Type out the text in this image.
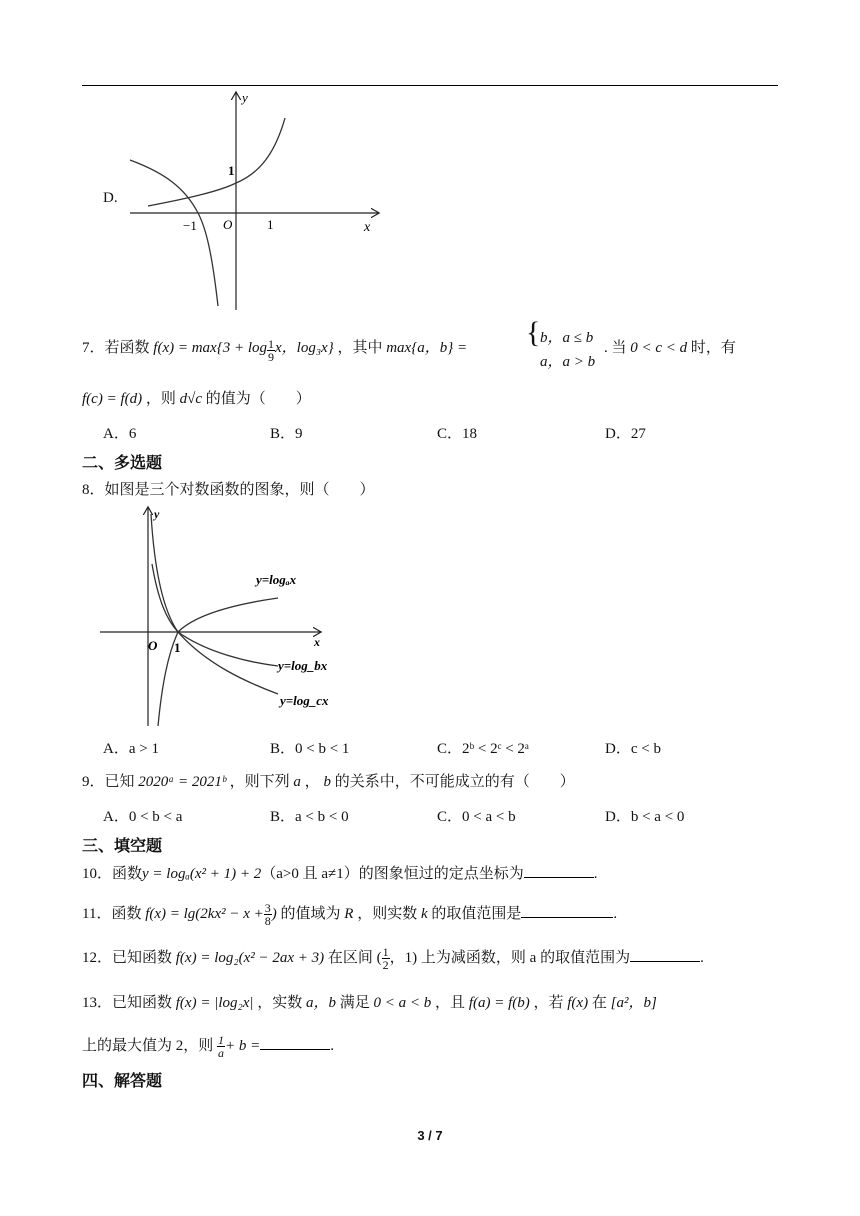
D.
y
x
1
−1 O	1
7．若函数 $f(x) = \max\{3 + \log \frac{1}{9}$ x，log₃x} ，其中 max{a，b} = { b，a ≤ b
a，a > b
. 当 0 < c < d 时，有
f(c) = f(d) ，则 d√c 的值为（　　）
A．6	B．9	C．18	D．27
二、多选题
8．如图是三个对数函数的图象，则（　　）
y
x
O 1
y=logₐx
y=log_bx
y=log_cx
A．a > 1	B．0 < b < 1	C．2ᵇ < 2ᶜ < 2ᵃ	D．c < b
9．已知 2020ᵃ = 2021ᵇ ，则下列 a ， b 的关系中，不可能成立的有（　　）
A．0 < b < a	B．a < b < 0	C．0 < a < b	D．b < a < 0
三、填空题
10．函数y = logₐ(x² + 1) + 2（a>0 且 a≠1）的图象恒过的定点坐标为	.
11．函数 $f(x) = \lg(2kx^2 - x + \frac{3}{8}$ ) 的值域为 R ，则实数 k 的取值范围是	.
12．已知函数 f(x) = log₂(x² − 2ax + 3) 在区间 ( $\frac{1}{2}$ ，1) 上为减函数，则 a 的取值范围为	.
13．已知函数 f(x) = |log₂x| ，实数 a，b 满足 0 < a < b ，且 f(a) = f(b) ，若 f(x) 在 [a²，b]
上的最大值为 2，则 $\frac{1}{a} + b$ =	.
四、解答题
3 / 7
